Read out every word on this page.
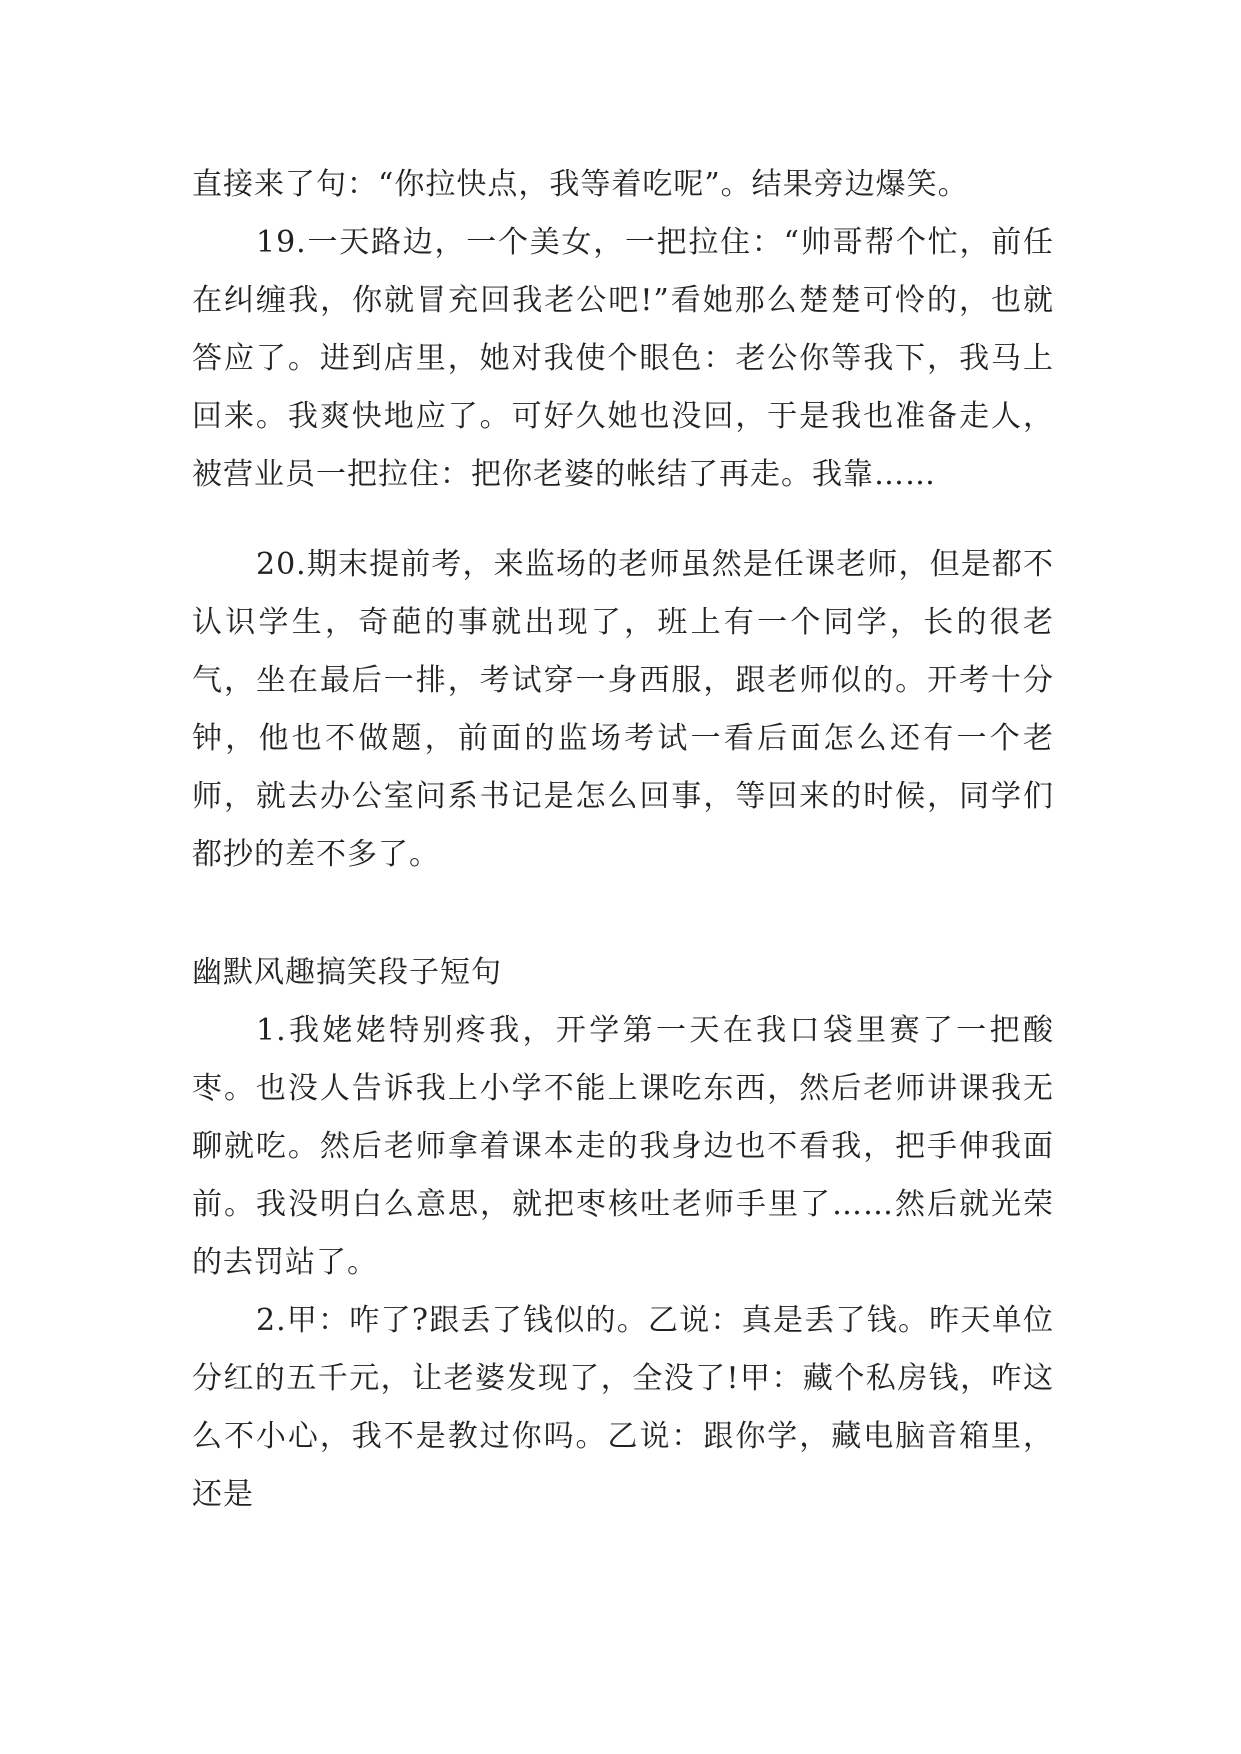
直接来了句：“你拉快点，我等着吃呢”。结果旁边爆笑。

19.一天路边，一个美女，一把拉住：“帅哥帮个忙，前任在纠缠我，你就冒充回我老公吧!”看她那么楚楚可怜的，也就答应了。进到店里，她对我使个眼色：老公你等我下，我马上回来。我爽快地应了。可好久她也没回，于是我也准备走人，被营业员一把拉住：把你老婆的帐结了再走。我靠……

20.期末提前考，来监场的老师虽然是任课老师，但是都不认识学生，奇葩的事就出现了，班上有一个同学，长的很老气，坐在最后一排，考试穿一身西服，跟老师似的。开考十分钟，他也不做题，前面的监场考试一看后面怎么还有一个老师，就去办公室问系书记是怎么回事，等回来的时候，同学们都抄的差不多了。

幽默风趣搞笑段子短句

1.我姥姥特别疼我，开学第一天在我口袋里赛了一把酸枣。也没人告诉我上小学不能上课吃东西，然后老师讲课我无聊就吃。然后老师拿着课本走的我身边也不看我，把手伸我面前。我没明白么意思，就把枣核吐老师手里了……然后就光荣的去罚站了。

2.甲：咋了?跟丢了钱似的。乙说：真是丢了钱。昨天单位分红的五千元，让老婆发现了，全没了!甲：藏个私房钱，咋这么不小心，我不是教过你吗。乙说：跟你学，藏电脑音箱里，还是
